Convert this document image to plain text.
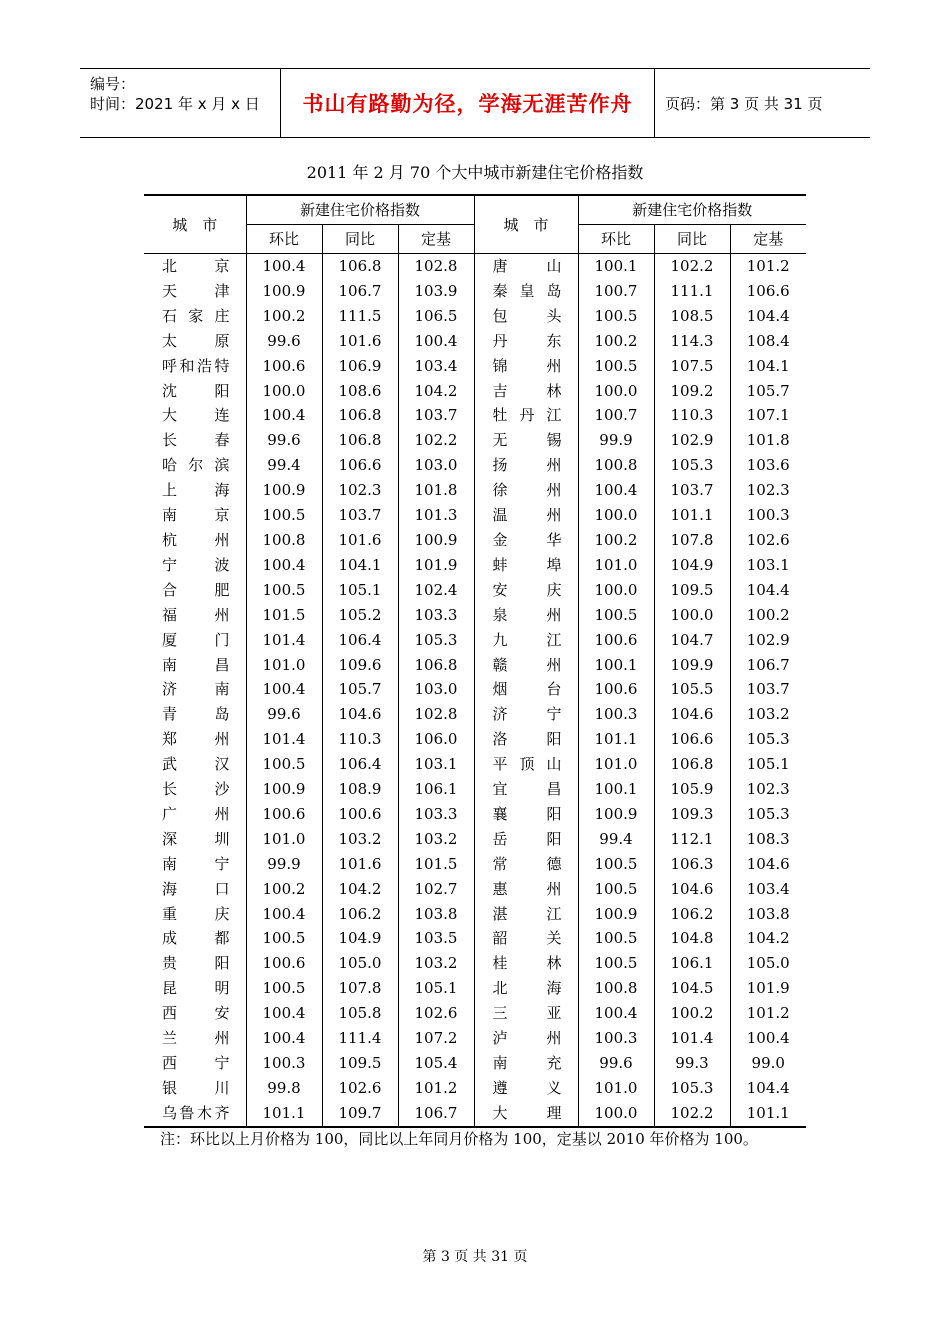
编号：
时间：2021 年 x 月 x 日	书山有路勤为径，学海无涯苦作舟	页码：第 3 页 共 31 页
2011 年 2 月 70 个大中城市新建住宅价格指数
城　市	新建住宅价格指数			城　市	新建住宅价格指数		
	环比	同比	定基		环比	同比	定基
北京	100.4	106.8	102.8	唐山	100.1	102.2	101.2
天津	100.9	106.7	103.9	秦皇岛	100.7	111.1	106.6
石家庄	100.2	111.5	106.5	包头	100.5	108.5	104.4
太原	99.6	101.6	100.4	丹东	100.2	114.3	108.4
呼和浩特	100.6	106.9	103.4	锦州	100.5	107.5	104.1
沈阳	100.0	108.6	104.2	吉林	100.0	109.2	105.7
大连	100.4	106.8	103.7	牡丹江	100.7	110.3	107.1
长春	99.6	106.8	102.2	无锡	99.9	102.9	101.8
哈尔滨	99.4	106.6	103.0	扬州	100.8	105.3	103.6
上海	100.9	102.3	101.8	徐州	100.4	103.7	102.3
南京	100.5	103.7	101.3	温州	100.0	101.1	100.3
杭州	100.8	101.6	100.9	金华	100.2	107.8	102.6
宁波	100.4	104.1	101.9	蚌埠	101.0	104.9	103.1
合肥	100.5	105.1	102.4	安庆	100.0	109.5	104.4
福州	101.5	105.2	103.3	泉州	100.5	100.0	100.2
厦门	101.4	106.4	105.3	九江	100.6	104.7	102.9
南昌	101.0	109.6	106.8	赣州	100.1	109.9	106.7
济南	100.4	105.7	103.0	烟台	100.6	105.5	103.7
青岛	99.6	104.6	102.8	济宁	100.3	104.6	103.2
郑州	101.4	110.3	106.0	洛阳	101.1	106.6	105.3
武汉	100.5	106.4	103.1	平顶山	101.0	106.8	105.1
长沙	100.9	108.9	106.1	宜昌	100.1	105.9	102.3
广州	100.6	100.6	103.3	襄阳	100.9	109.3	105.3
深圳	101.0	103.2	103.2	岳阳	99.4	112.1	108.3
南宁	99.9	101.6	101.5	常德	100.5	106.3	104.6
海口	100.2	104.2	102.7	惠州	100.5	104.6	103.4
重庆	100.4	106.2	103.8	湛江	100.9	106.2	103.8
成都	100.5	104.9	103.5	韶关	100.5	104.8	104.2
贵阳	100.6	105.0	103.2	桂林	100.5	106.1	105.0
昆明	100.5	107.8	105.1	北海	100.8	104.5	101.9
西安	100.4	105.8	102.6	三亚	100.4	100.2	101.2
兰州	100.4	111.4	107.2	泸州	100.3	101.4	100.4
西宁	100.3	109.5	105.4	南充	99.6	99.3	99.0
银川	99.8	102.6	101.2	遵义	101.0	105.3	104.4
乌鲁木齐	101.1	109.7	106.7	大理	100.0	102.2	101.1
注：环比以上月价格为 100，同比以上年同月价格为 100，定基以 2010 年价格为 100。
第 3 页 共 31 页
